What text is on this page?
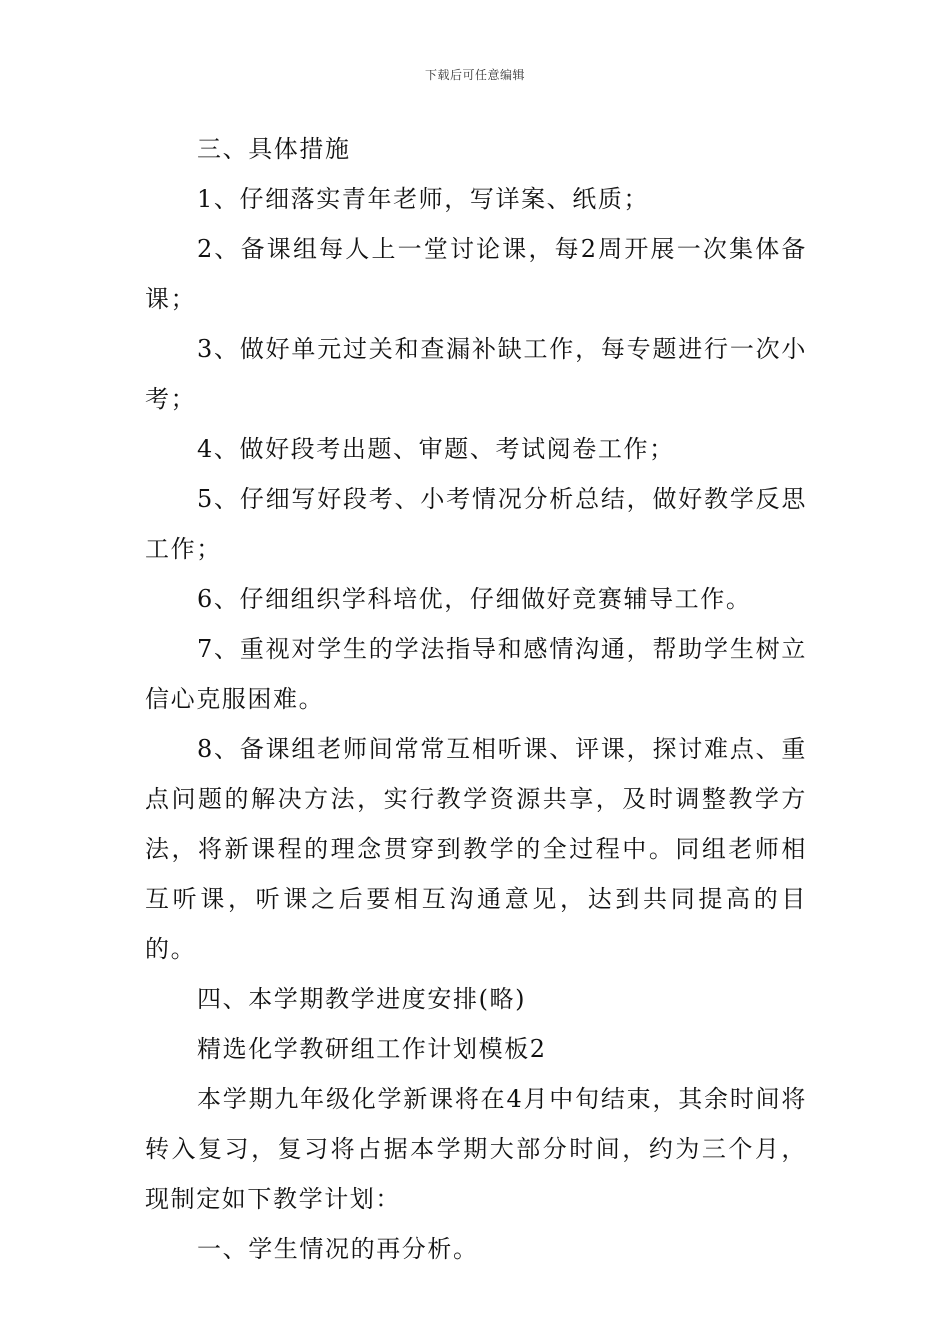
下载后可任意编辑

三、具体措施

1、仔细落实青年老师，写详案、纸质；

2、备课组每人上一堂讨论课，每2周开展一次集体备课；

3、做好单元过关和查漏补缺工作，每专题进行一次小考；

4、做好段考出题、审题、考试阅卷工作；

5、仔细写好段考、小考情况分析总结，做好教学反思工作；

6、仔细组织学科培优，仔细做好竞赛辅导工作。

7、重视对学生的学法指导和感情沟通，帮助学生树立信心克服困难。

8、备课组老师间常常互相听课、评课，探讨难点、重点问题的解决方法，实行教学资源共享，及时调整教学方法，将新课程的理念贯穿到教学的全过程中。同组老师相互听课，听课之后要相互沟通意见，达到共同提高的目的。

四、本学期教学进度安排(略)

精选化学教研组工作计划模板2

本学期九年级化学新课将在4月中旬结束，其余时间将转入复习，复习将占据本学期大部分时间，约为三个月，现制定如下教学计划：

一、学生情况的再分析。
